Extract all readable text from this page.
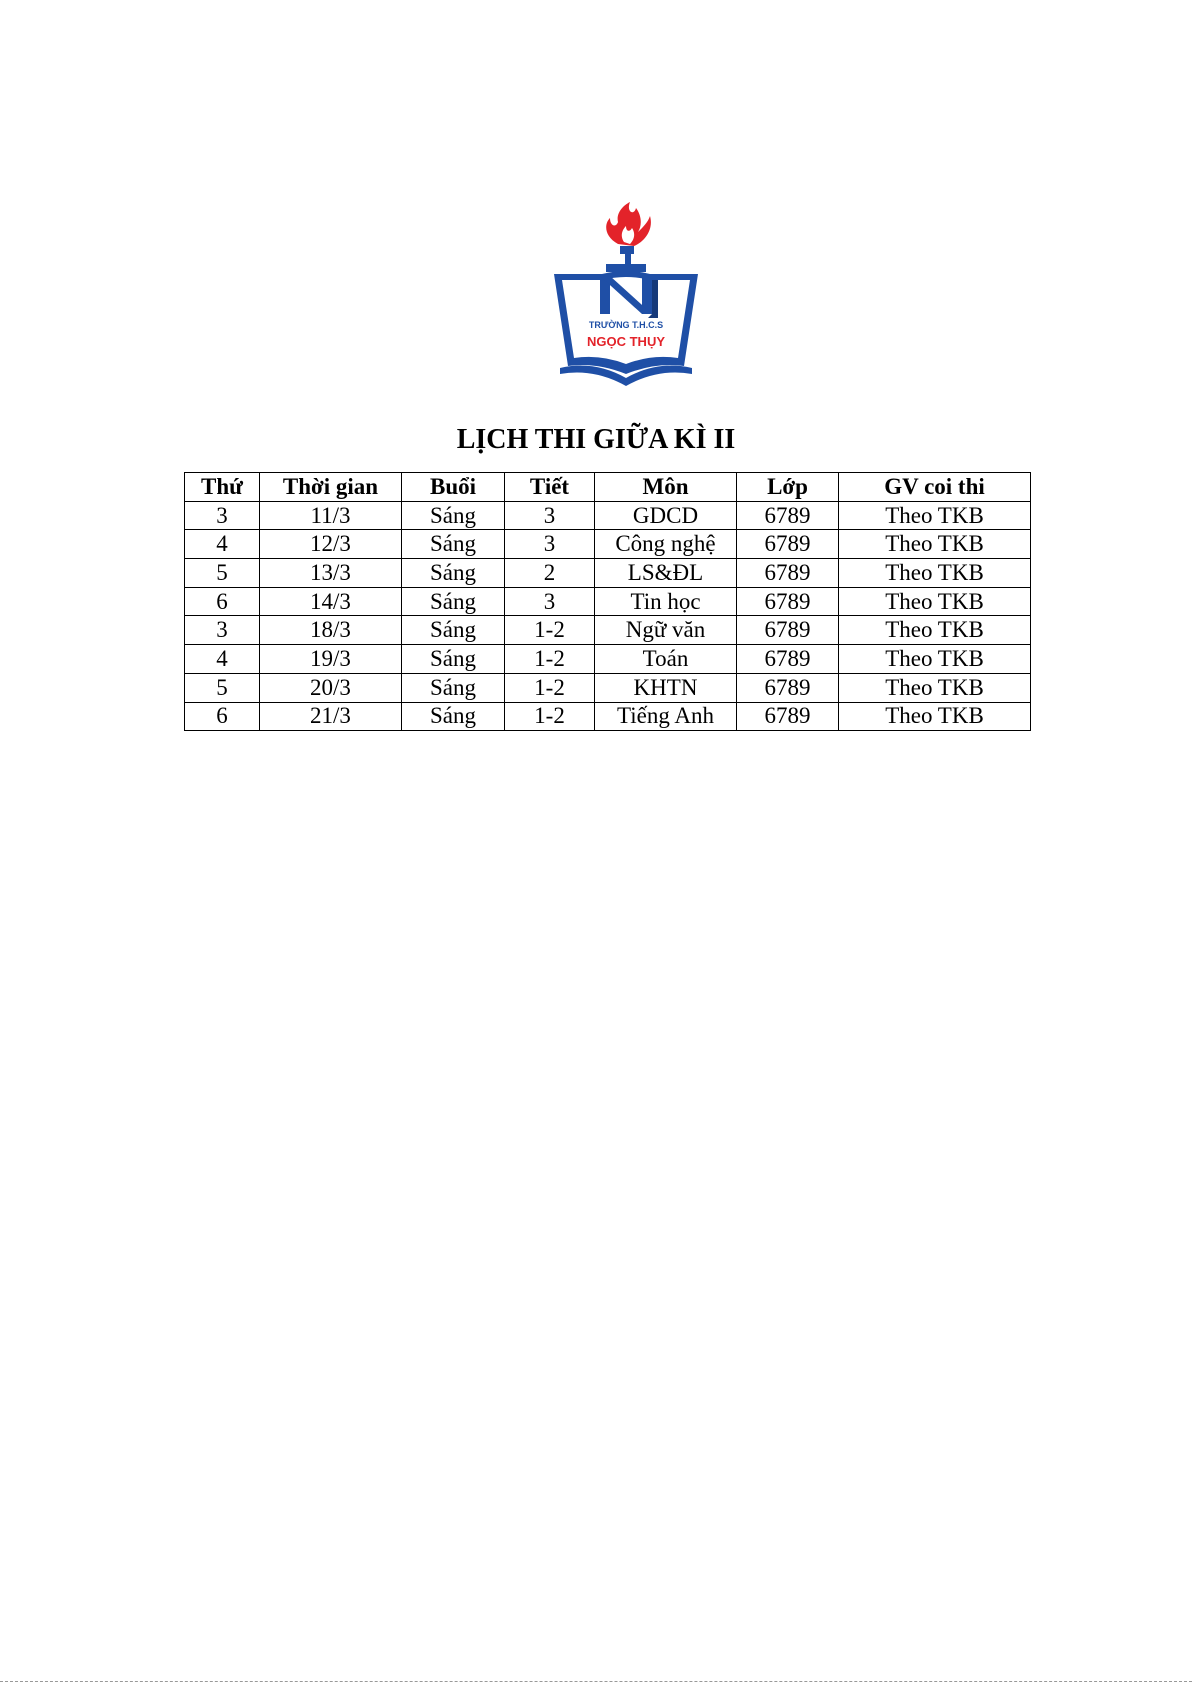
TRƯỜNG T.H.C.S
NGỌC THỤY
LỊCH THI GIỮA KÌ II
Thứ	Thời gian	Buổi	Tiết	Môn	Lớp	GV coi thi
3	11/3	Sáng	3	GDCD	6789	Theo TKB
4	12/3	Sáng	3	Công nghệ	6789	Theo TKB
5	13/3	Sáng	2	LS&ĐL	6789	Theo TKB
6	14/3	Sáng	3	Tin học	6789	Theo TKB
3	18/3	Sáng	1-2	Ngữ văn	6789	Theo TKB
4	19/3	Sáng	1-2	Toán	6789	Theo TKB
5	20/3	Sáng	1-2	KHTN	6789	Theo TKB
6	21/3	Sáng	1-2	Tiếng Anh	6789	Theo TKB
